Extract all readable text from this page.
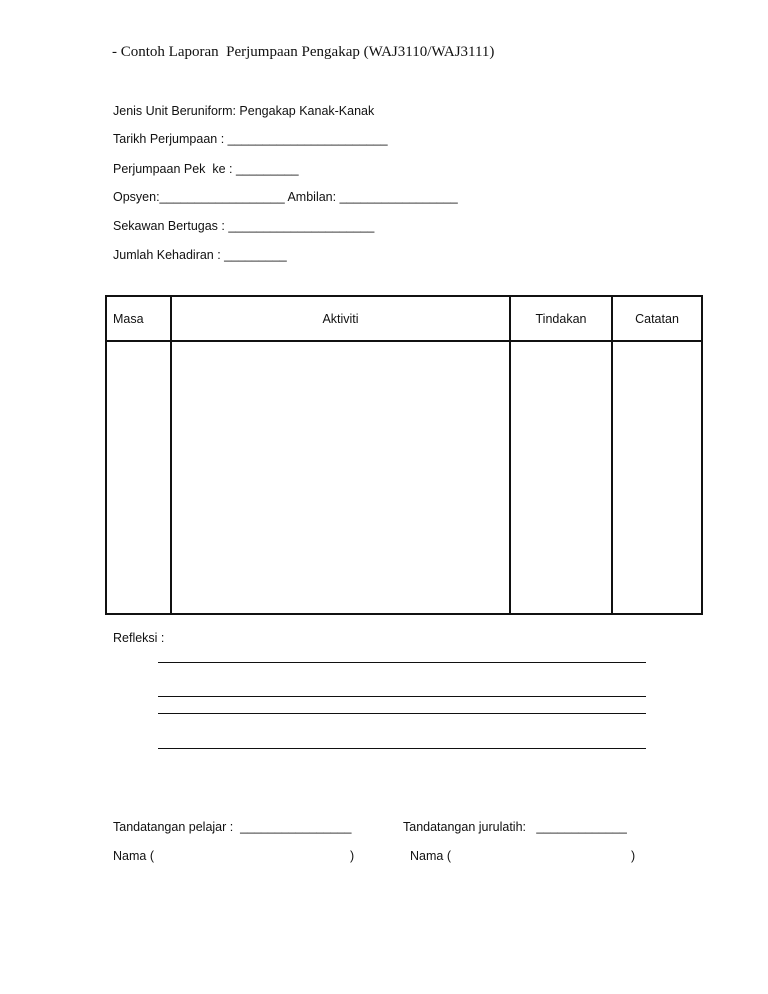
- Contoh Laporan  Perjumpaan Pengakap (WAJ3110/WAJ3111)
Jenis Unit Beruniform: Pengakap Kanak-Kanak
Tarikh Perjumpaan : _______________________
Perjumpaan Pek  ke : _________
Opsyen:__________________ Ambilan: _________________
Sekawan Bertugas : _____________________
Jumlah Kehadiran : _________
Masa	Aktiviti	Tindakan	Catatan
Refleksi :
Tandatangan pelajar :  ________________	Tandatangan jurulatih:   _____________
Nama (	)	Nama (	)
